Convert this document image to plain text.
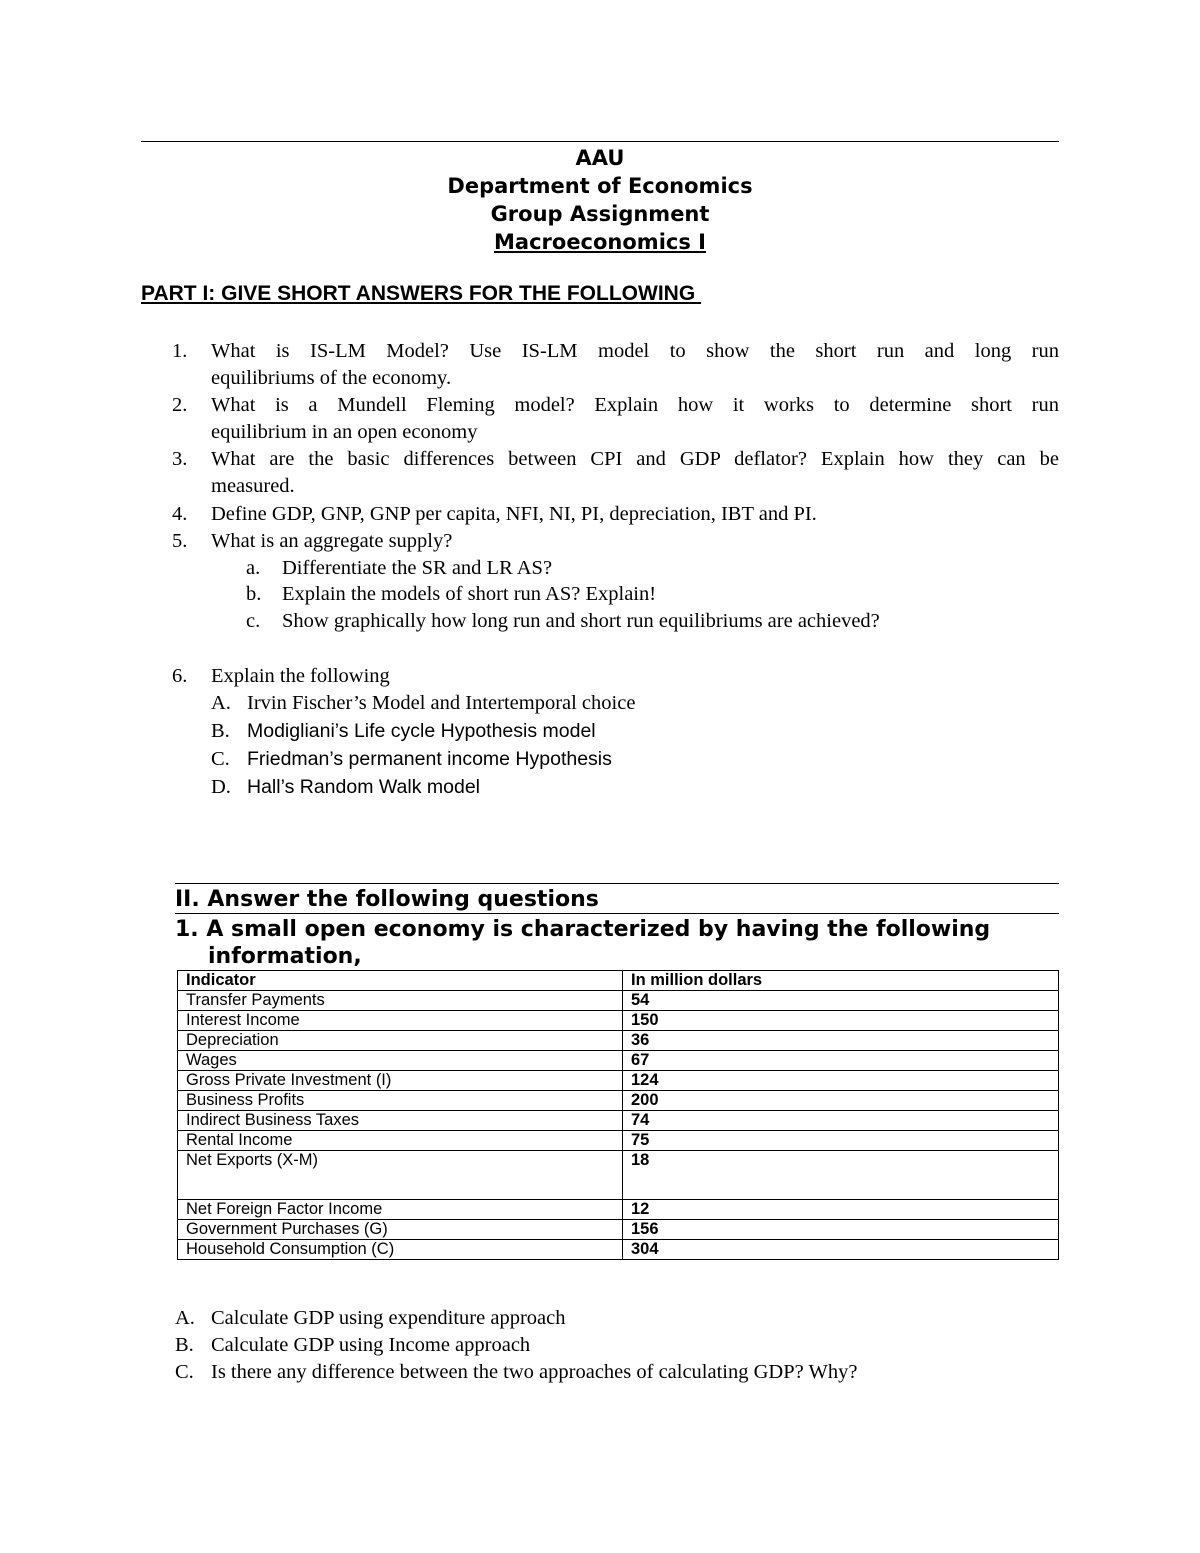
AAU
Department of Economics
Group Assignment
Macroeconomics I
PART I: GIVE SHORT ANSWERS FOR THE FOLLOWING
1. What is IS-LM Model? Use IS-LM model to show the short run and long run
equilibriums of the economy.
2. What is a Mundell Fleming model? Explain how it works to determine short run
equilibrium in an open economy
3. What are the basic differences between CPI and GDP deflator? Explain how they can be
measured.
4. Define GDP, GNP, GNP per capita, NFI, NI, PI, depreciation, IBT and PI.
5. What is an aggregate supply?
a. Differentiate the SR and LR AS?
b. Explain the models of short run AS? Explain!
c. Show graphically how long run and short run equilibriums are achieved?
6. Explain the following
A. Irvin Fischer’s Model and Intertemporal choice
B. Modigliani’s Life cycle Hypothesis model
C. Friedman’s permanent income Hypothesis
D. Hall’s Random Walk model
II. Answer the following questions
1. A small open economy is characterized by having the following
information,
Indicator	In million dollars
Transfer Payments	54
Interest Income	150
Depreciation	36
Wages	67
Gross Private Investment (I)	124
Business Profits	200
Indirect Business Taxes	74
Rental Income	75
Net Exports (X-M)	18
Net Foreign Factor Income	12
Government Purchases (G)	156
Household Consumption (C)	304
A. Calculate GDP using expenditure approach
B. Calculate GDP using Income approach
C. Is there any difference between the two approaches of calculating GDP? Why?
